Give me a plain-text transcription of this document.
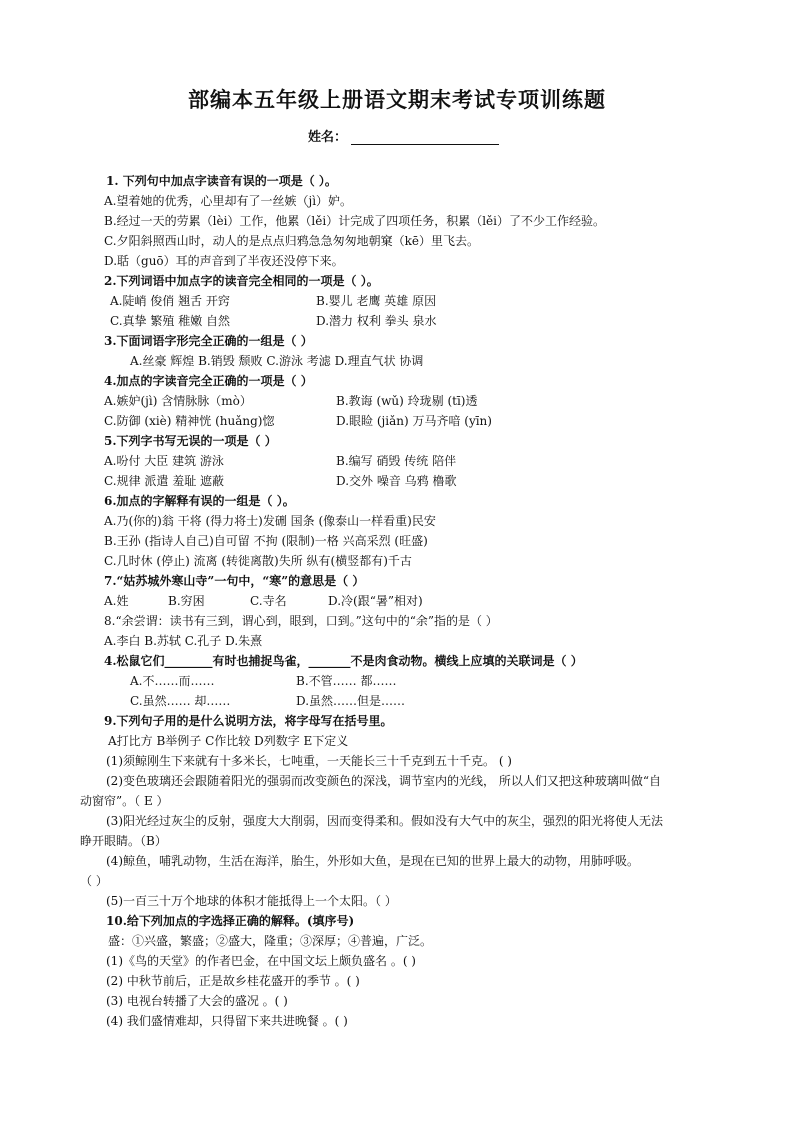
部编本五年级上册语文期末考试专项训练题
姓名：
1. 下列句中加点字读音有误的一项是（ ）。
A.望着她的优秀，心里却有了一丝嫉（jì）妒。
B.经过一天的劳累（lèi）工作，他累（lěi）计完成了四项任务，积累（lěi）了不少工作经验。
C.夕阳斜照西山时，动人的是点点归鸦急急匆匆地朝窠（kē）里飞去。
D.聒（guō）耳的声音到了半夜还没停下来。
2.下列词语中加点字的读音完全相同的一项是（ ）。
A.陡峭 俊俏 翘舌 开窍	B.婴儿 老鹰 英雄 原因
C.真挚 繁殖 稚嫩 自然	D.潜力 权利 拳头 泉水
3.下面词语字形完全正确的一组是（ ）
A.丝豪 辉煌 B.销毁 颓败 C.游泳 考滤 D.理直气状 协调
4.加点的字读音完全正确的一项是（ ）
A.嫉妒(jì) 含情脉脉（mò）	B.教诲 (wǔ) 玲珑剔 (tī)透
C.防御 (xiè) 精神恍 (huǎng)惚	D.眼睑 (jiǎn) 万马齐喑 (yīn)
5.下列字书写无误的一项是（ ）
A.吩付 大臣 建筑 游泳	B.编写 硝毁 传统 陪伴
C.规律 派遣 羞耻 遮蔽	D.交外 噪音 乌鸦 橹歌
6.加点的字解释有误的一组是（ ）。
A.乃(你的)翁 干将 (得力将士)发硎 国条 (像泰山一样看重)民安
B.王孙 (指诗人自己)自可留 不拘 (限制)一格 兴高采烈 (旺盛)
C.几时休 (停止) 流离 (转徙离散)失所 纵有(横竖都有)千古
7.“姑苏城外寒山寺”一句中，“寒”的意思是（ ）
A.姓	B.穷困	C.寺名	D.冷(跟“暑”相对)
8.“余尝谓：读书有三到，谓心到，眼到，口到。”这句中的“余”指的是（ ）
A.李白 B.苏轼 C.孔子 D.朱熹
4.松鼠它们________有时也捕捉鸟雀，_______不是肉食动物。横线上应填的关联词是（ ）
A.不……而……	B.不管…… 都……
C.虽然…… 却……	D.虽然……但是……
9.下列句子用的是什么说明方法，将字母写在括号里。
A打比方 B举例子 C作比较 D列数字 E下定义
(1)须鲸刚生下来就有十多米长，七吨重，一天能长三十千克到五十千克。 ( )
(2)变色玻璃还会跟随着阳光的强弱而改变颜色的深浅，调节室内的光线， 所以人们又把这种玻璃叫做“自
动窗帘”。（ E ）
(3)阳光经过灰尘的反射，强度大大削弱，因而变得柔和。假如没有大气中的灰尘，强烈的阳光将使人无法
睁开眼睛。（B）
(4)鲸鱼，哺乳动物，生活在海洋，胎生，外形如大鱼，是现在已知的世界上最大的动物，用肺呼吸。
（ ）
(5)一百三十万个地球的体积才能抵得上一个太阳。（ ）
10.给下列加点的字选择正确的解释。(填序号)
盛：①兴盛，繁盛；②盛大，隆重；③深厚；④普遍，广泛。
(1)《鸟的天堂》的作者巴金，在中国文坛上颇负盛名 。( )
(2) 中秋节前后，正是故乡桂花盛开的季节 。( )
(3) 电视台转播了大会的盛况 。( )
(4) 我们盛情难却，只得留下来共进晚餐 。( )
